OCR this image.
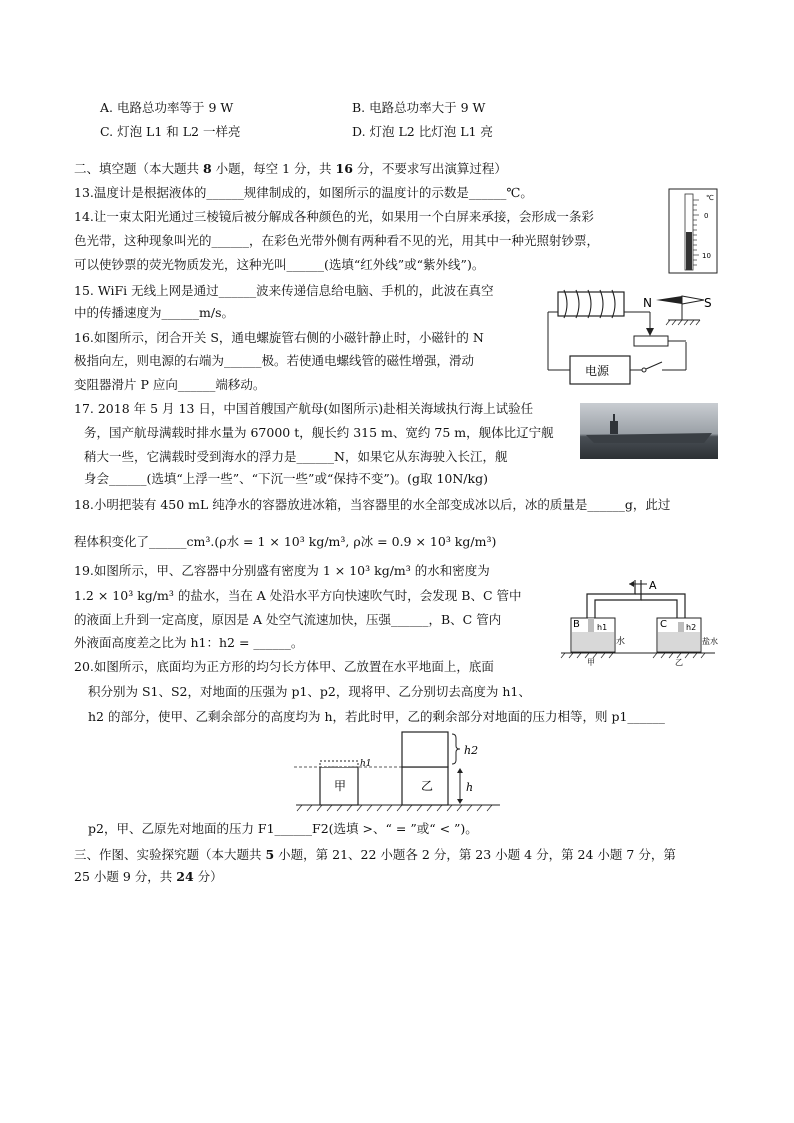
A. 电路总功率等于 9 W	B. 电路总功率大于 9 W
C. 灯泡 L1 和 L2 一样亮	D. 灯泡 L2 比灯泡 L1 亮
二、填空题（本大题共 8 小题，每空 1 分，共 16 分，不要求写出演算过程）
13.温度计是根据液体的______规律制成的，如图所示的温度计的示数是______℃。
14.让一束太阳光通过三棱镜后被分解成各种颜色的光，如果用一个白屏来承接，会形成一条彩
色光带，这种现象叫光的______，在彩色光带外侧有两种看不见的光，用其中一种光照射钞票，
可以使钞票的荧光物质发光，这种光叫______(选填“红外线”或“紫外线”)。
15. WiFi 无线上网是通过______波来传递信息给电脑、手机的，此波在真空
中的传播速度为______m/s。
16.如图所示，闭合开关 S，通电螺旋管右侧的小磁针静止时，小磁针的 N
极指向左，则电源的右端为______极。若使通电螺线管的磁性增强，滑动
变阻器滑片 P 应向______端移动。
17. 2018 年 5 月 13 日，中国首艘国产航母(如图所示)赴相关海域执行海上试验任
务，国产航母满载时排水量为 67000 t，舰长约 315 m、宽约 75 m，舰体比辽宁舰
稍大一些，它满载时受到海水的浮力是______N，如果它从东海驶入长江，舰
身会______(选填“上浮一些”、“下沉一些”或“保持不变”)。(g取 10N/kg)
18.小明把装有 450 mL 纯净水的容器放进冰箱，当容器里的水全部变成冰以后，冰的质量是______g，此过
程体积变化了______cm³.(ρ水 = 1 × 10³ kg/m³, ρ冰 = 0.9 × 10³ kg/m³)
19.如图所示，甲、乙容器中分别盛有密度为 1 × 10³ kg/m³ 的水和密度为
1.2 × 10³ kg/m³ 的盐水，当在 A 处沿水平方向快速吹气时，会发现 B、C 管中
的液面上升到一定高度，原因是 A 处空气流速加快，压强______，B、C 管内
外液面高度差之比为 h1：h2 = ______。
20.如图所示，底面均为正方形的均匀长方体甲、乙放置在水平地面上，底面
积分别为 S1、S2，对地面的压强为 p1、p2，现将甲、乙分别切去高度为 h1、
h2 的部分，使甲、乙剩余部分的高度均为 h，若此时甲，乙的剩余部分对地面的压力相等，则 p1______
p2，甲、乙原先对地面的压力 F1______F2(选填 >、“ = ”或“ < ”)。
三、作图、实验探究题（本大题共 5 小题，第 21、22 小题各 2 分，第 23 小题 4 分，第 24 小题 7 分，第
25 小题 9 分，共 24 分）
℃
0
10
电源
N	S
A
B	C
h1	h2
水	盐水
甲	乙
甲
h1
乙
h2
h
